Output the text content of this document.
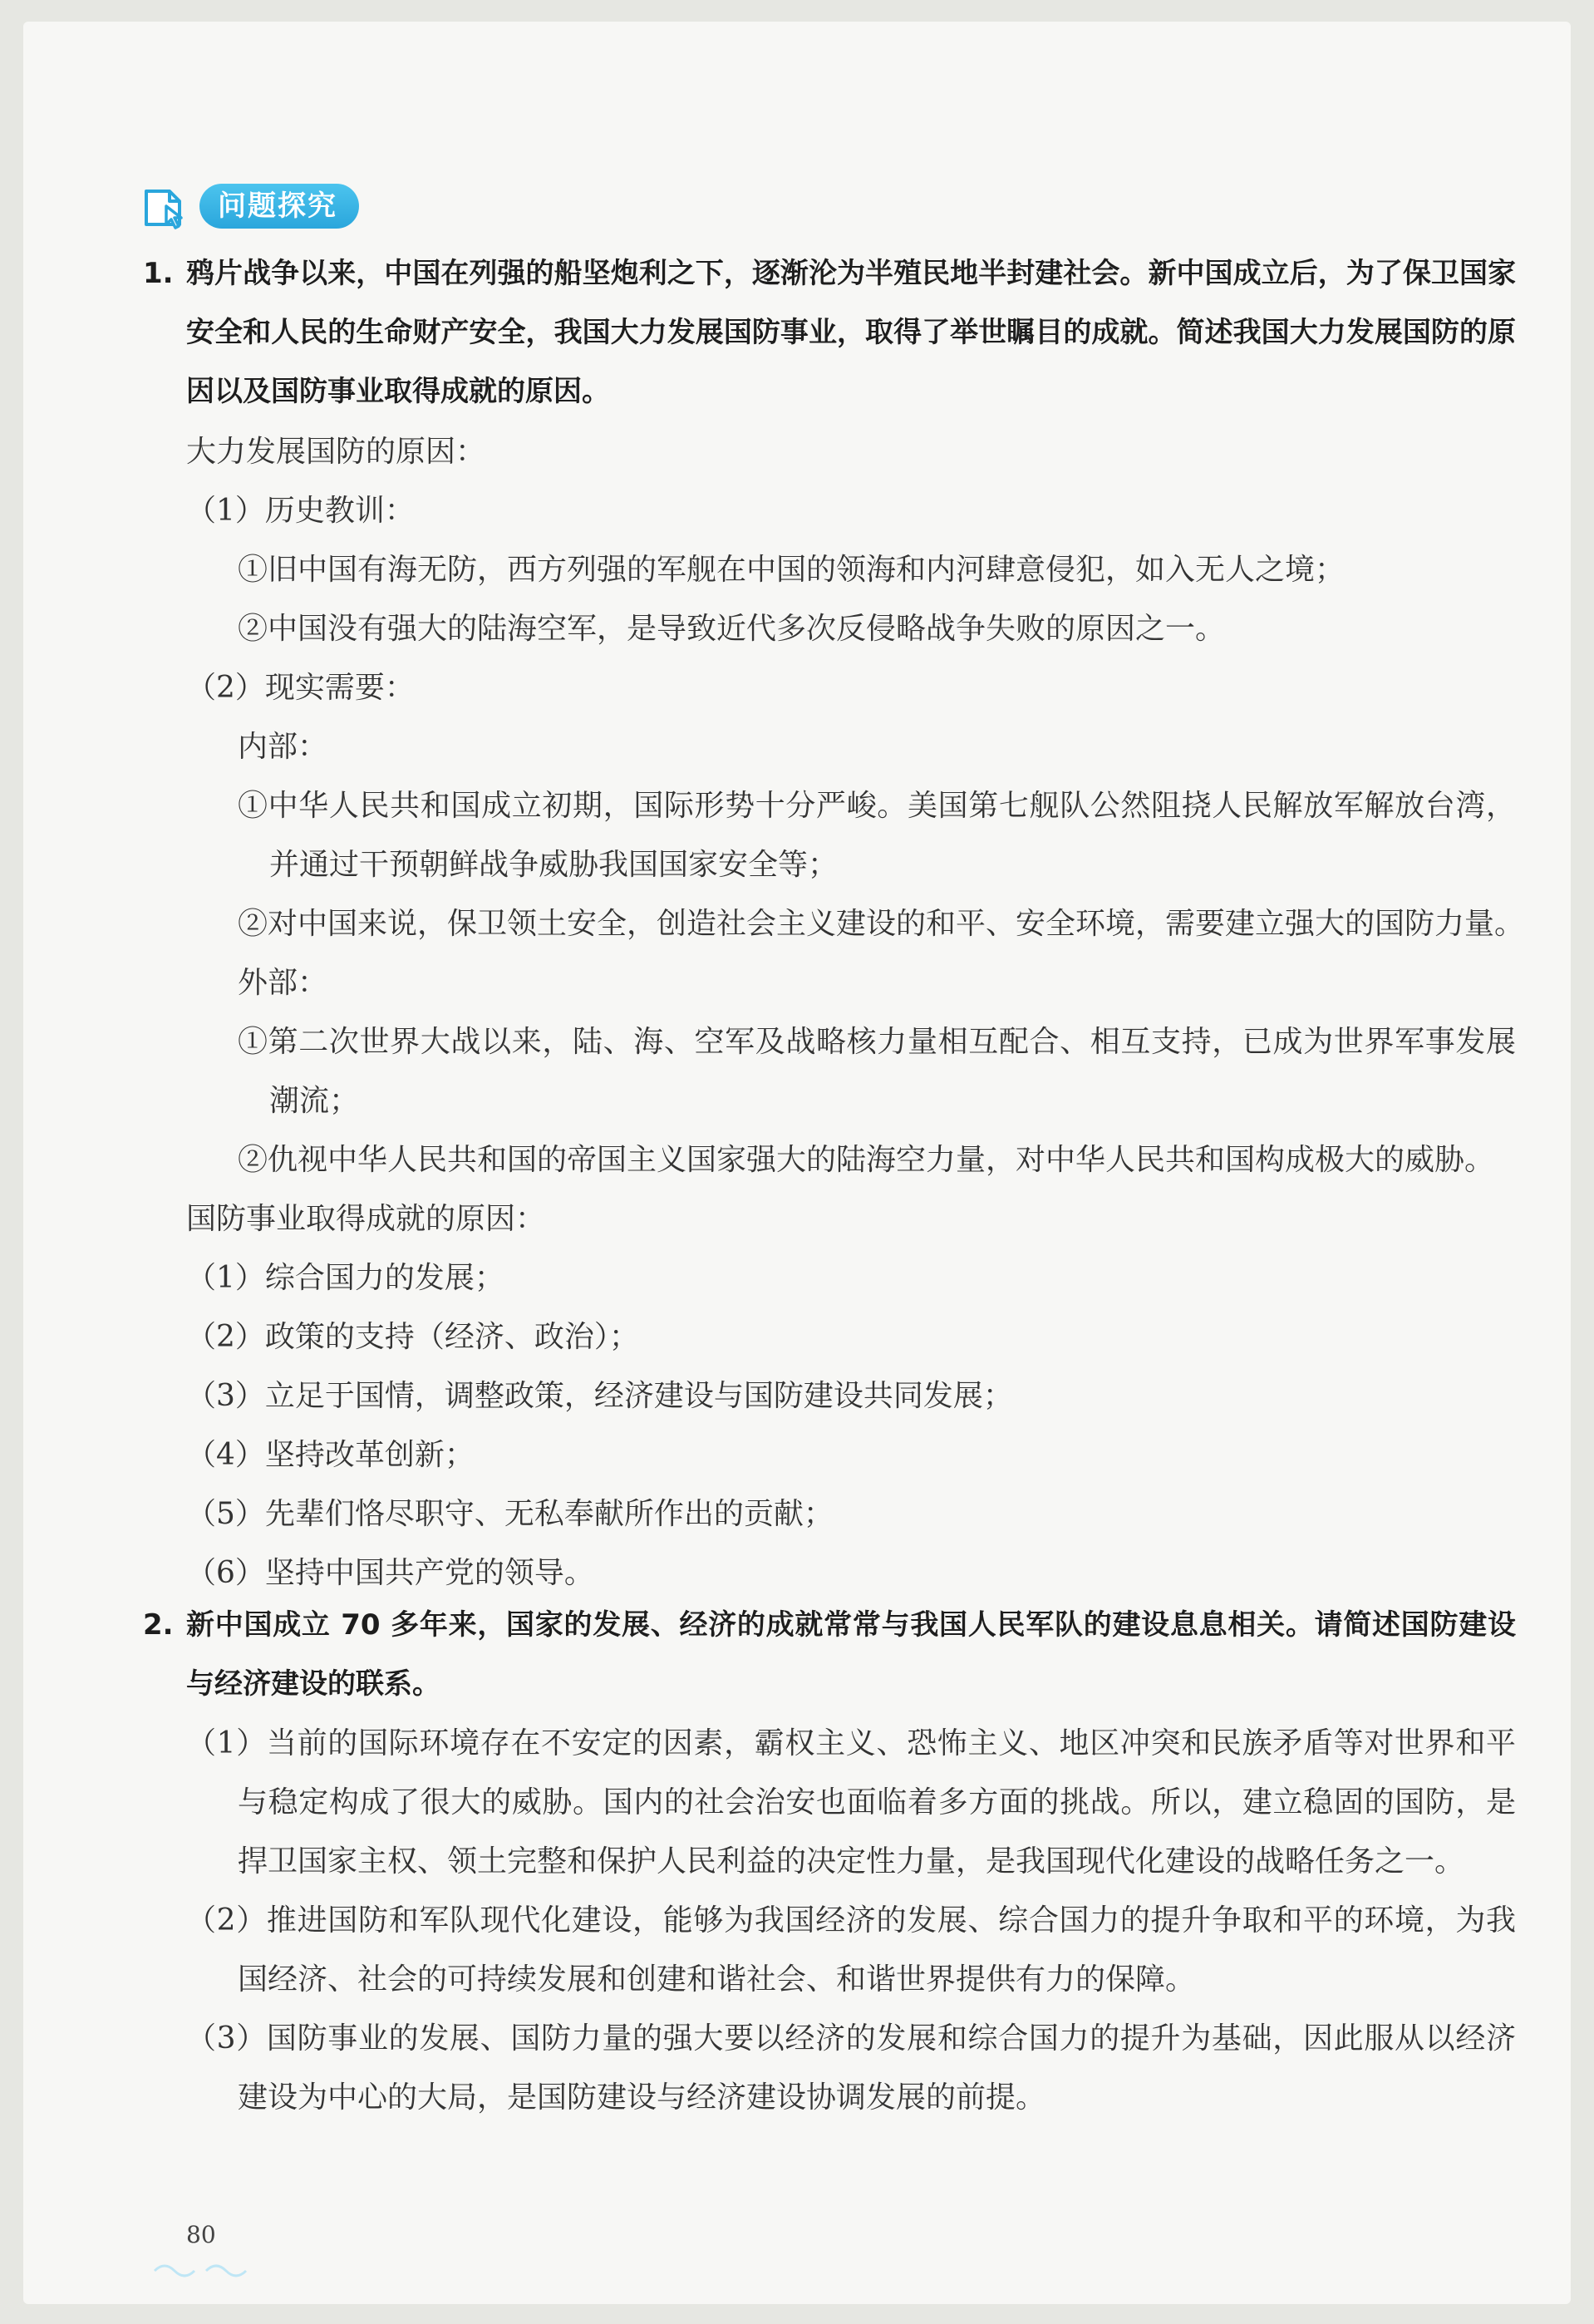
问题探究
1. 鸦片战争以来，中国在列强的船坚炮利之下，逐渐沦为半殖民地半封建社会。新中国成立后，为了保卫国家安全和人民的生命财产安全，我国大力发展国防事业，取得了举世瞩目的成就。简述我国大力发展国防的原因以及国防事业取得成就的原因。
大力发展国防的原因：
（1）历史教训：
①旧中国有海无防，西方列强的军舰在中国的领海和内河肆意侵犯，如入无人之境；
②中国没有强大的陆海空军，是导致近代多次反侵略战争失败的原因之一。
（2）现实需要：
内部：
①中华人民共和国成立初期，国际形势十分严峻。美国第七舰队公然阻挠人民解放军解放台湾，并通过干预朝鲜战争威胁我国国家安全等；
②对中国来说，保卫领土安全，创造社会主义建设的和平、安全环境，需要建立强大的国防力量。
外部：
①第二次世界大战以来，陆、海、空军及战略核力量相互配合、相互支持，已成为世界军事发展潮流；
②仇视中华人民共和国的帝国主义国家强大的陆海空力量，对中华人民共和国构成极大的威胁。
国防事业取得成就的原因：
（1）综合国力的发展；
（2）政策的支持（经济、政治）；
（3）立足于国情，调整政策，经济建设与国防建设共同发展；
（4）坚持改革创新；
（5）先辈们恪尽职守、无私奉献所作出的贡献；
（6）坚持中国共产党的领导。
2. 新中国成立 70 多年来，国家的发展、经济的成就常常与我国人民军队的建设息息相关。请简述国防建设与经济建设的联系。
（1）当前的国际环境存在不安定的因素，霸权主义、恐怖主义、地区冲突和民族矛盾等对世界和平与稳定构成了很大的威胁。国内的社会治安也面临着多方面的挑战。所以，建立稳固的国防，是捍卫国家主权、领土完整和保护人民利益的决定性力量，是我国现代化建设的战略任务之一。
（2）推进国防和军队现代化建设，能够为我国经济的发展、综合国力的提升争取和平的环境，为我国经济、社会的可持续发展和创建和谐社会、和谐世界提供有力的保障。
（3）国防事业的发展、国防力量的强大要以经济的发展和综合国力的提升为基础，因此服从以经济建设为中心的大局，是国防建设与经济建设协调发展的前提。
80
